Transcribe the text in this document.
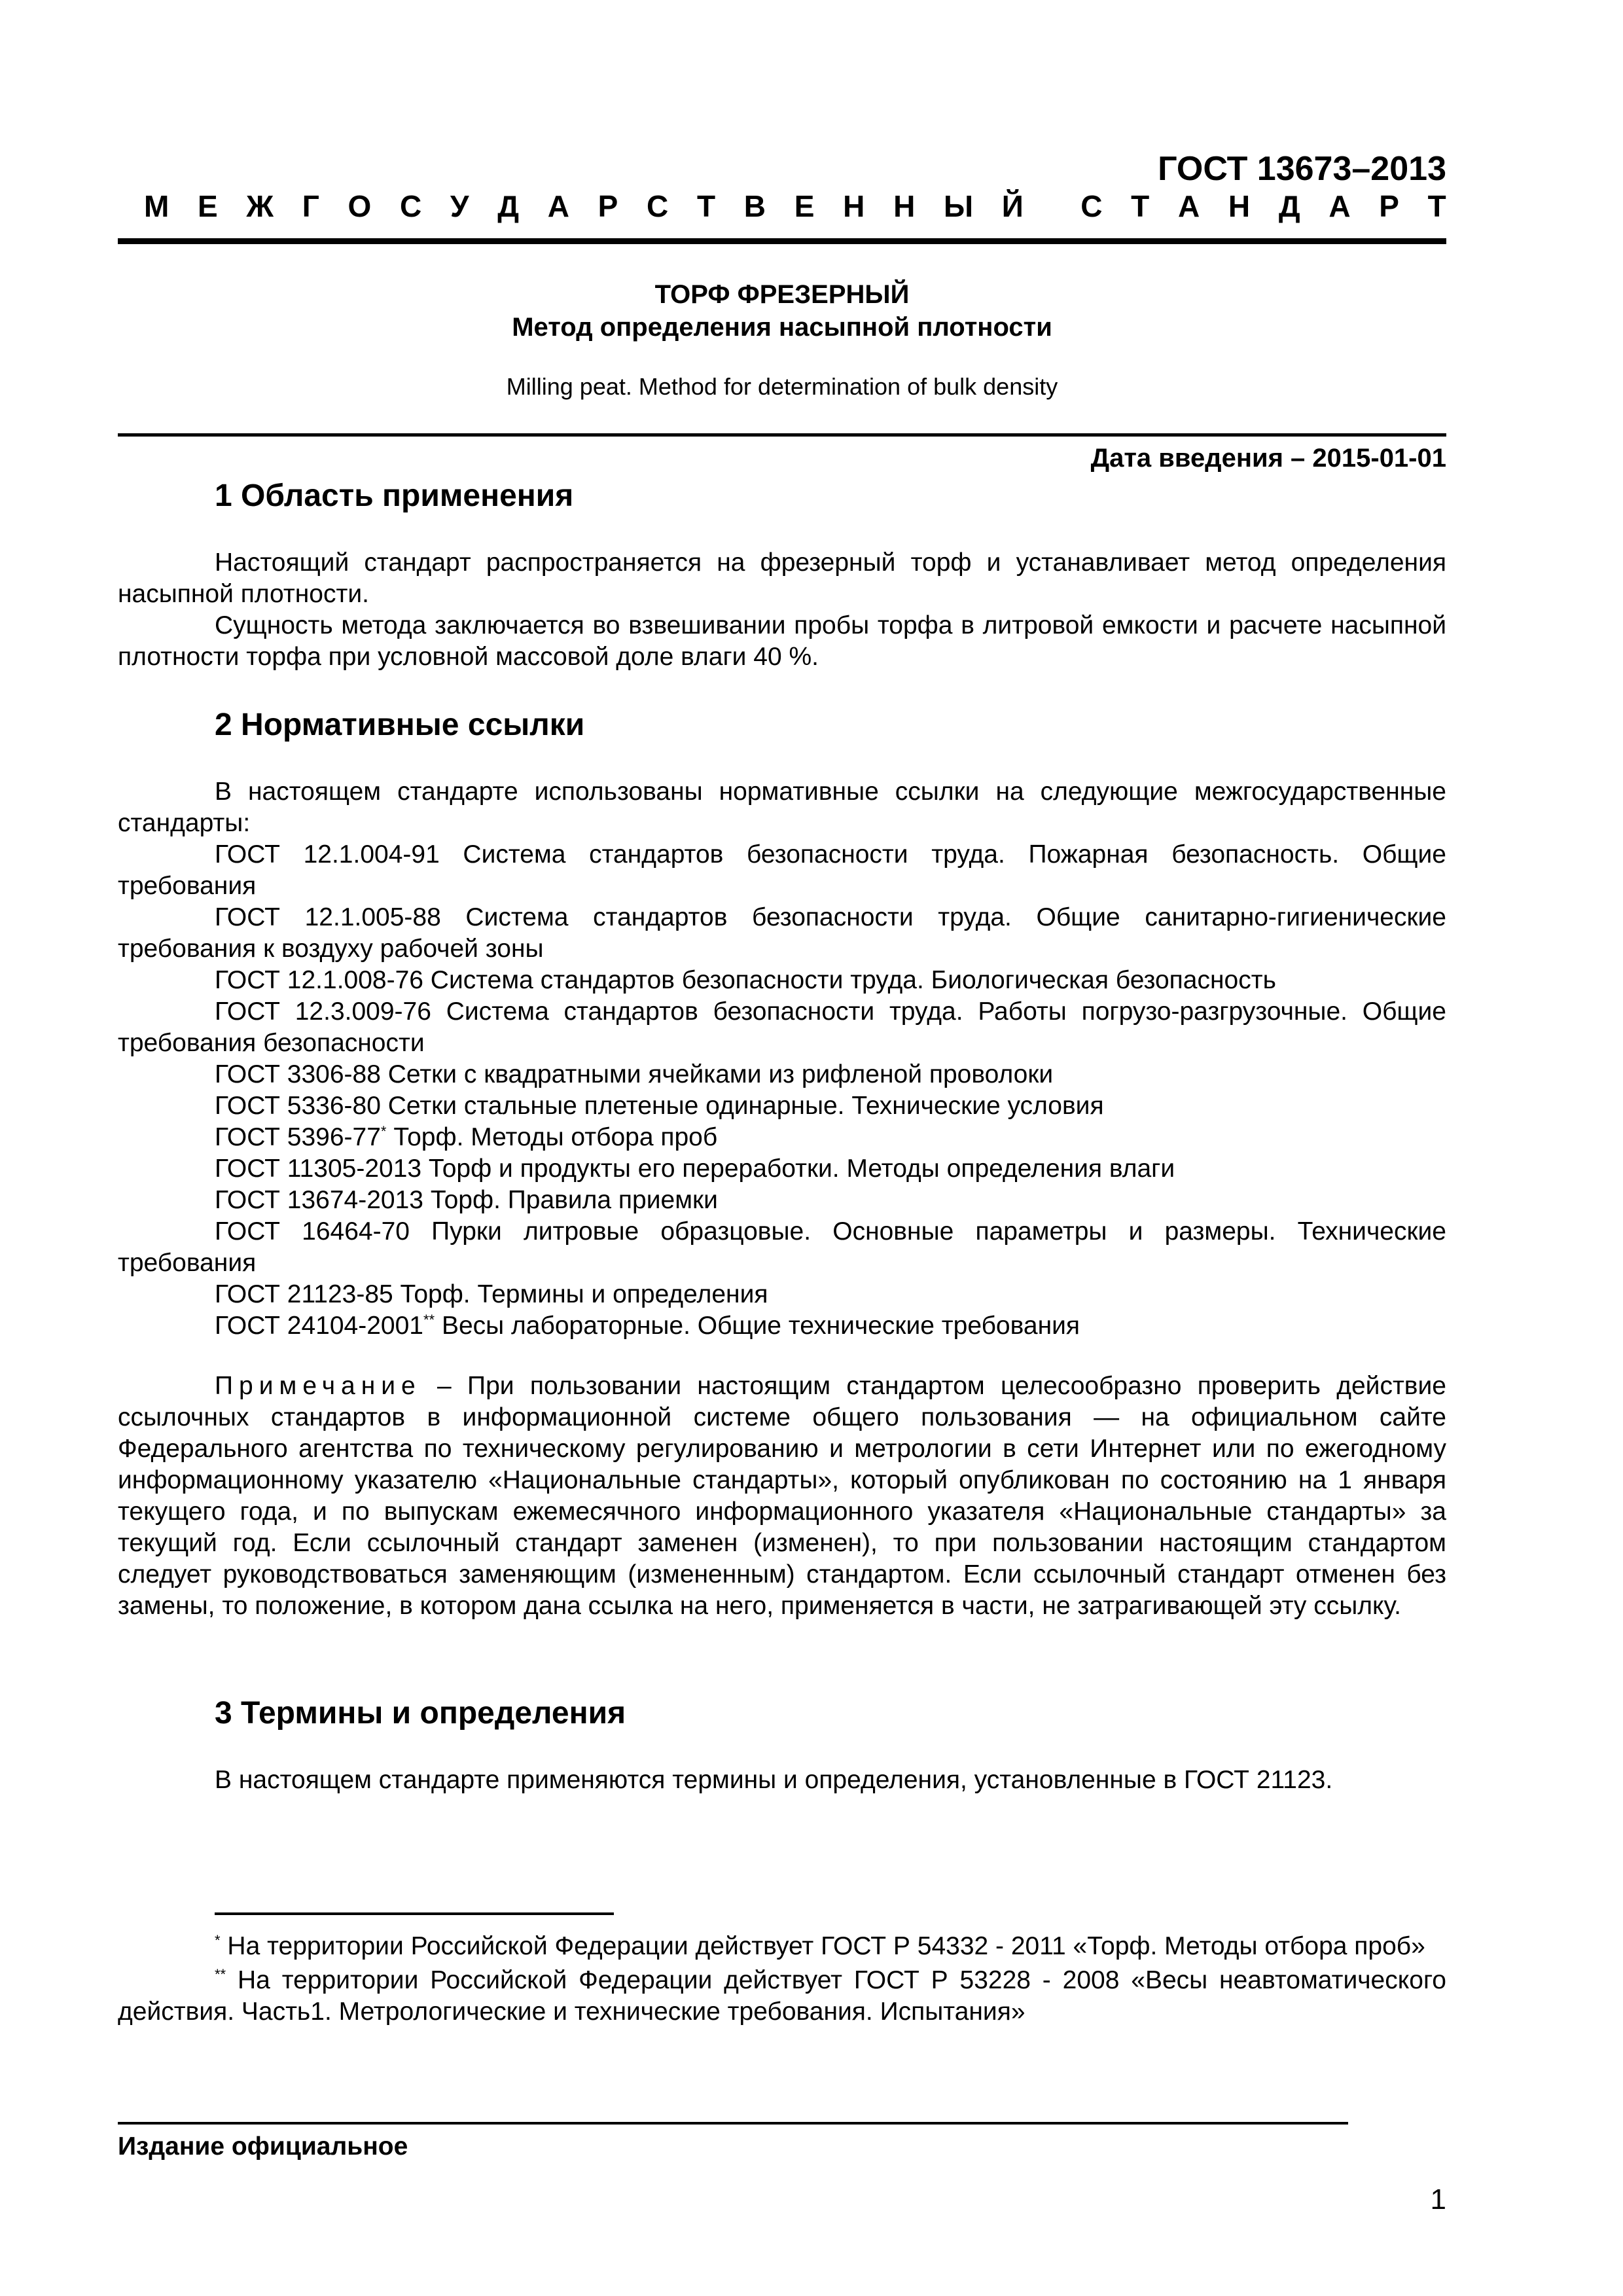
ГОСТ 13673–2013
М Е Ж Г О С У Д А Р С Т В Е Н Н Ы Й С Т А Н Д А Р Т
ТОРФ ФРЕЗЕРНЫЙ
Метод определения насыпной плотности
Milling peat. Method for determination of bulk density
Дата введения – 2015-01-01
1 Область применения

Настоящий стандарт распространяется на фрезерный торф и устанавливает метод определения насыпной плотности.

Сущность метода заключается во взвешивании пробы торфа в литровой емкости и расчете насыпной плотности торфа при условной массовой доле влаги 40 %.

2 Нормативные ссылки

В настоящем стандарте использованы нормативные ссылки на следующие межгосударственные стандарты:

ГОСТ 12.1.004-91 Система стандартов безопасности труда. Пожарная безопасность. Общие требования

ГОСТ 12.1.005-88 Система стандартов безопасности труда. Общие санитарно-гигиенические требования к воздуху рабочей зоны

ГОСТ 12.1.008-76 Система стандартов безопасности труда. Биологическая безопасность

ГОСТ 12.3.009-76 Система стандартов безопасности труда. Работы погрузо-разгрузочные. Общие требования безопасности

ГОСТ 3306-88 Сетки с квадратными ячейками из рифленой проволоки

ГОСТ 5336-80 Сетки стальные плетеные одинарные. Технические условия

ГОСТ 5396-77* Торф. Методы отбора проб

ГОСТ 11305-2013 Торф и продукты его переработки. Методы определения влаги

ГОСТ 13674-2013 Торф. Правила приемки

ГОСТ 16464-70 Пурки литровые образцовые. Основные параметры и размеры. Технические требования

ГОСТ 21123-85 Торф. Термины и определения

ГОСТ 24104-2001** Весы лабораторные. Общие технические требования

Примечание – При пользовании настоящим стандартом целесообразно проверить действие ссылочных стандартов в информационной системе общего пользования — на официальном сайте Федерального агентства по техническому регулированию и метрологии в сети Интернет или по ежегодному информационному указателю «Национальные стандарты», который опубликован по состоянию на 1 января текущего года, и по выпускам ежемесячного информационного указателя «Национальные стандарты» за текущий год. Если ссылочный стандарт заменен (изменен), то при пользовании настоящим стандартом следует руководствоваться заменяющим (измененным) стандартом. Если ссылочный стандарт отменен без замены, то положение, в котором дана ссылка на него, применяется в части, не затрагивающей эту ссылку.

3 Термины и определения

В настоящем стандарте применяются термины и определения, установленные в ГОСТ 21123.

* На территории Российской Федерации действует ГОСТ Р 54332 - 2011 «Торф. Методы отбора проб»

** На территории Российской Федерации действует ГОСТ Р 53228 - 2008 «Весы неавтоматического действия. Часть1. Метрологические и технические требования. Испытания»

Издание официальное
1
